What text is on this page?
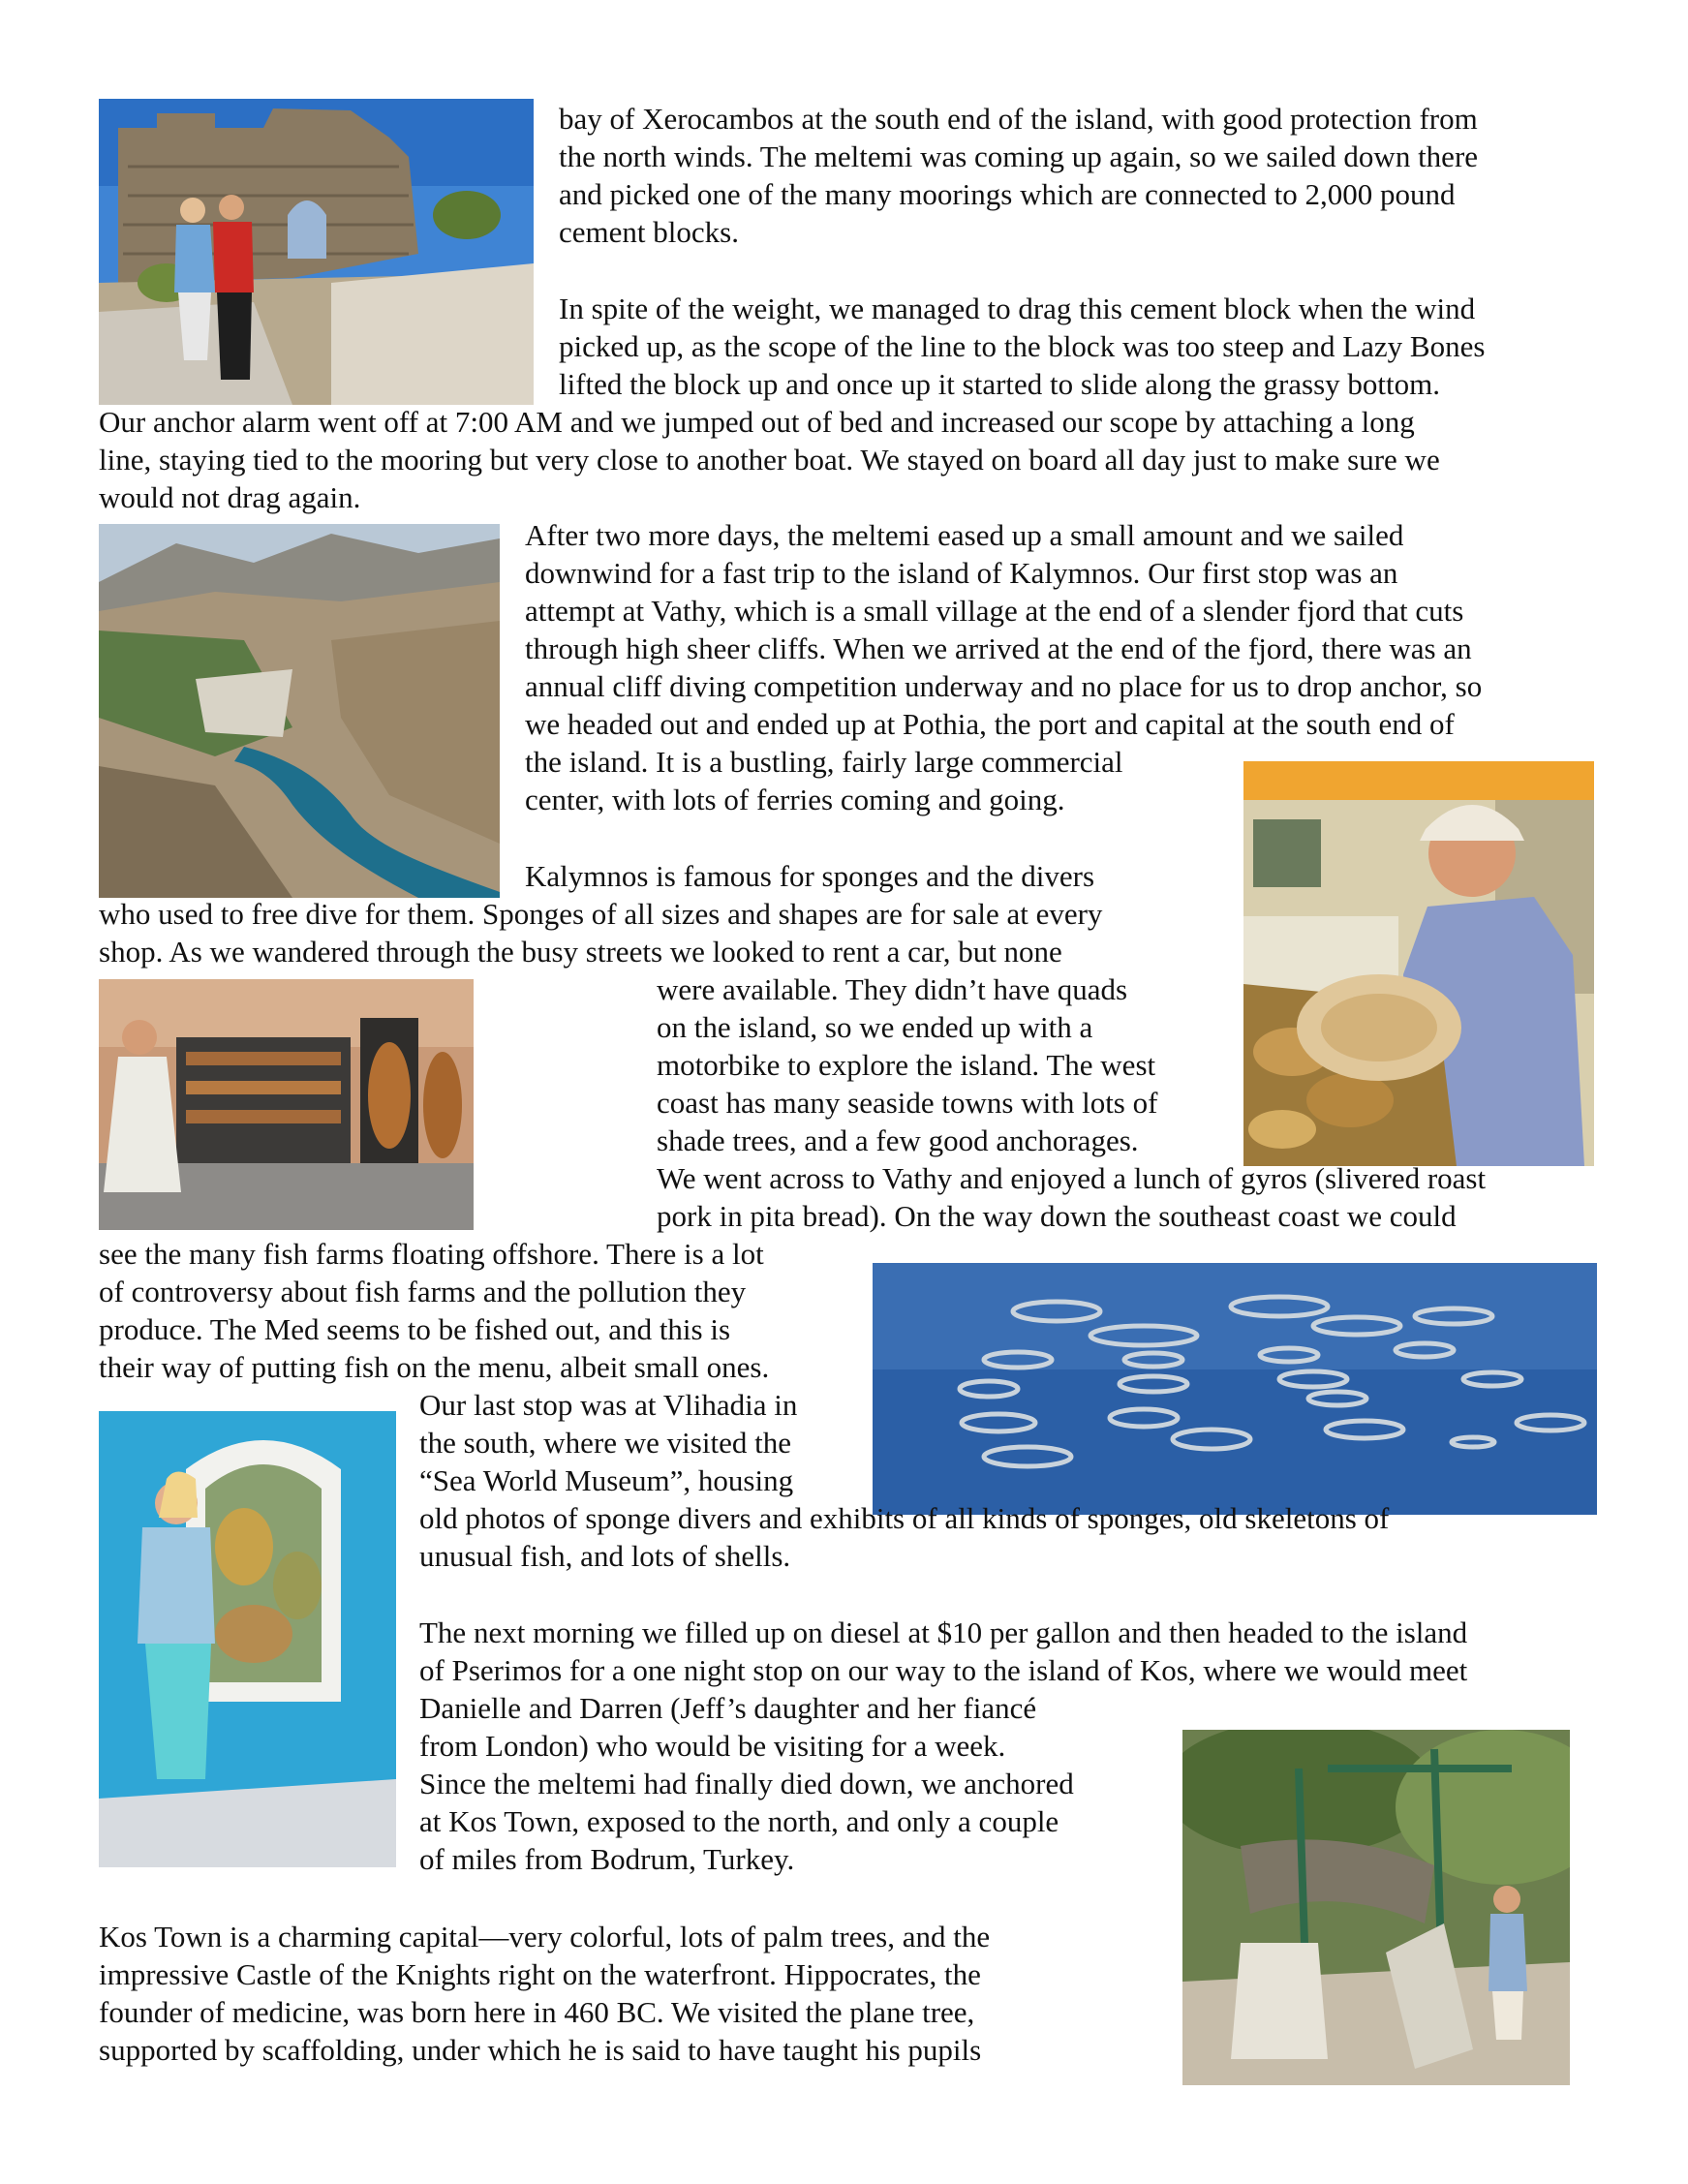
bay of Xerocambos at the south end of the island, with good protection from
the north winds. The meltemi was coming up again, so we sailed down there
and picked one of the many moorings which are connected to 2,000 pound
cement blocks.
In spite of the weight, we managed to drag this cement block when the wind
picked up, as the scope of the line to the block was too steep and Lazy Bones
lifted the block up and once up it started to slide along the grassy bottom.
Our anchor alarm went off at 7:00 AM and we jumped out of bed and increased our scope by attaching a long
line, staying tied to the mooring but very close to another boat. We stayed on board all day just to make sure we
would not drag again.
After two more days, the meltemi eased up a small amount and we sailed
downwind for a fast trip to the island of Kalymnos. Our first stop was an
attempt at Vathy, which is a small village at the end of a slender fjord that cuts
through high sheer cliffs. When we arrived at the end of the fjord, there was an
annual cliff diving competition underway and no place for us to drop anchor, so
we headed out and ended up at Pothia, the port and capital at the south end of
the island. It is a bustling, fairly large commercial
center, with lots of ferries coming and going.
Kalymnos is famous for sponges and the divers
who used to free dive for them. Sponges of all sizes and shapes are for sale at every
shop. As we wandered through the busy streets we looked to rent a car, but none
were available. They didn’t have quads
on the island, so we ended up with a
motorbike to explore the island. The west
coast has many seaside towns with lots of
shade trees, and a few good anchorages.
We went across to Vathy and enjoyed a lunch of gyros (slivered roast
pork in pita bread). On the way down the southeast coast we could
see the many fish farms floating offshore. There is a lot
of controversy about fish farms and the pollution they
produce. The Med seems to be fished out, and this is
their way of putting fish on the menu, albeit small ones.
Our last stop was at Vlihadia in
the south, where we visited the
“Sea World Museum”, housing
old photos of sponge divers and exhibits of all kinds of sponges, old skeletons of
unusual fish, and lots of shells.
The next morning we filled up on diesel at $10 per gallon and then headed to the island
of Pserimos for a one night stop on our way to the island of Kos, where we would meet
Danielle and Darren (Jeff’s daughter and her fiancé
from London) who would be visiting for a week.
Since the meltemi had finally died down, we anchored
at Kos Town, exposed to the north, and only a couple
of miles from Bodrum, Turkey.
Kos Town is a charming capital—very colorful, lots of palm trees, and the
impressive Castle of the Knights right on the waterfront. Hippocrates, the
founder of medicine, was born here in 460 BC. We visited the plane tree,
supported by scaffolding, under which he is said to have taught his pupils
